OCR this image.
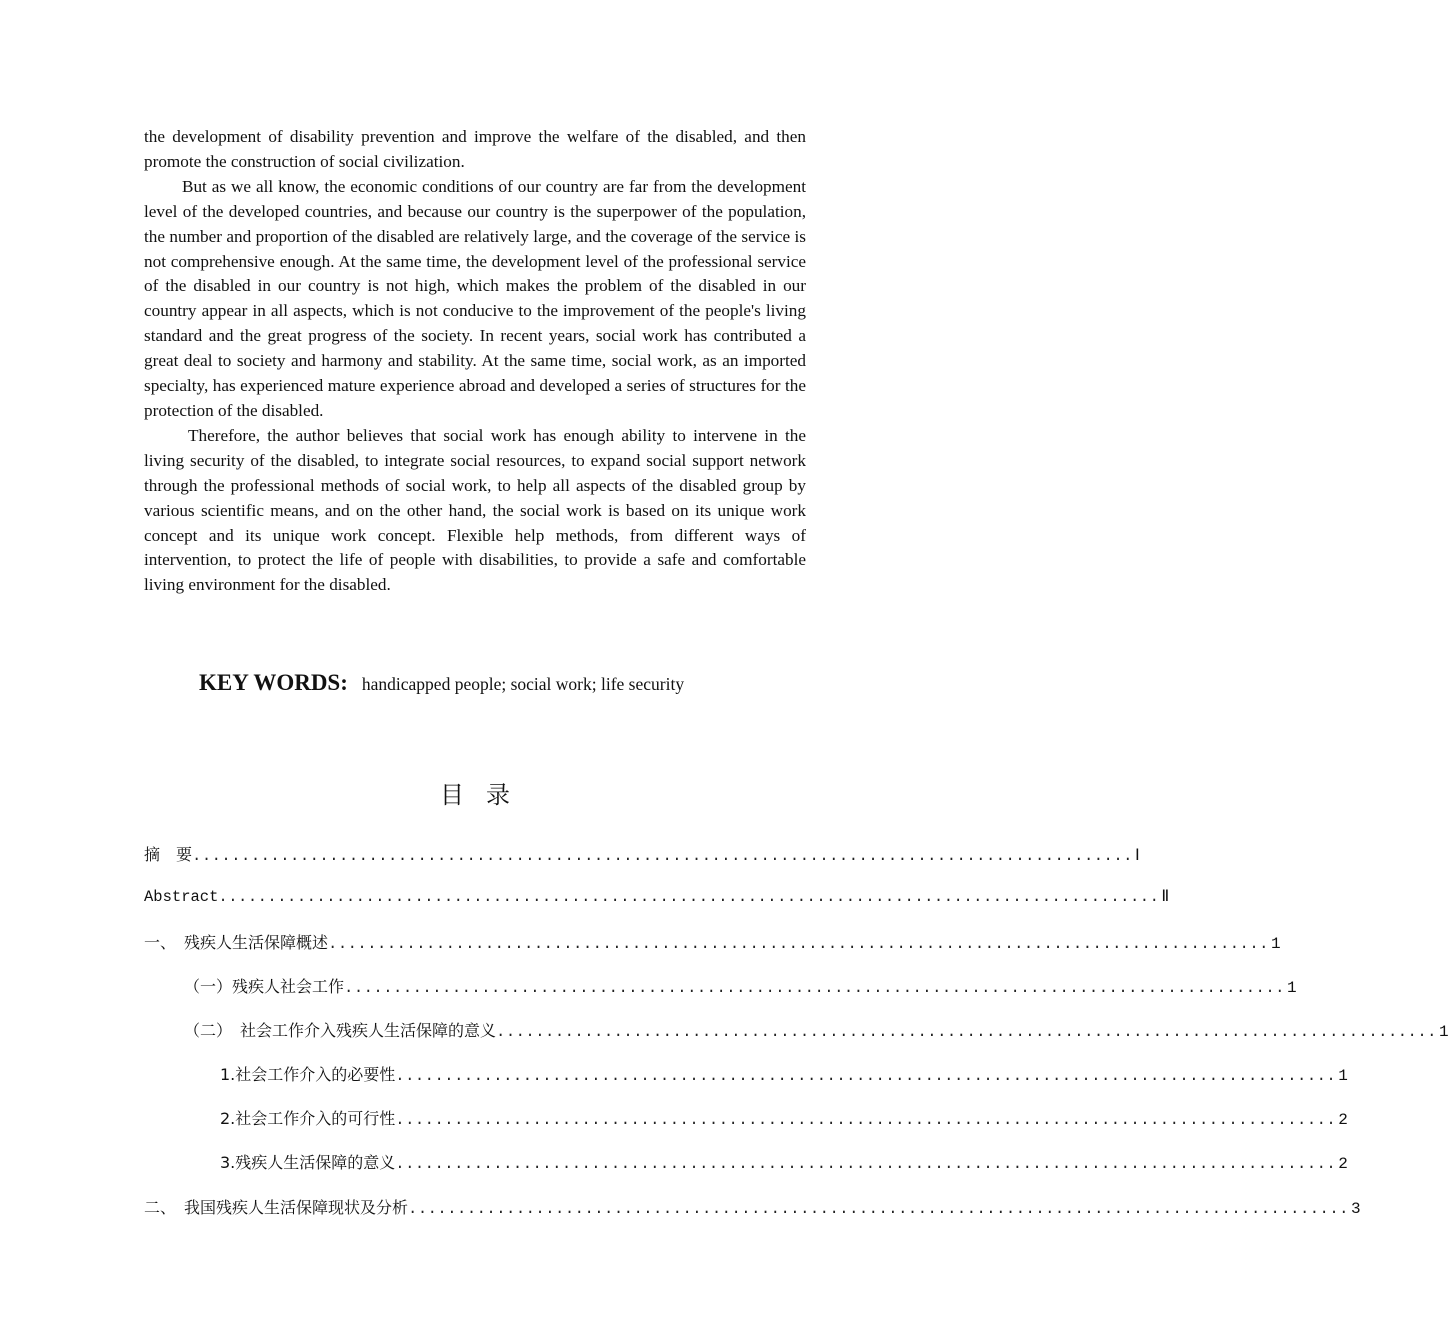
the development of disability prevention and improve the welfare of the disabled, and then promote the construction of social civilization.

But as we all know, the economic conditions of our country are far from the development level of the developed countries, and because our country is the superpower of the population, the number and proportion of the disabled are relatively large, and the coverage of the service is not comprehensive enough. At the same time, the development level of the professional service of the disabled in our country is not high, which makes the problem of the disabled in our country appear in all aspects, which is not conducive to the improvement of the people's living standard and the great progress of the society. In recent years, social work has contributed a great deal to society and harmony and stability. At the same time, social work, as an imported specialty, has experienced mature experience abroad and developed a series of structures for the protection of the disabled.

Therefore, the author believes that social work has enough ability to intervene in the living security of the disabled, to integrate social resources, to expand social support network through the professional methods of social work, to help all aspects of the disabled group by various scientific means, and on the other hand, the social work is based on its unique work concept and its unique work concept. Flexible help methods, from different ways of intervention, to protect the life of people with disabilities, to provide a safe and comfortable living environment for the disabled.

KEY WORDS: handicapped people; social work; life security
目录
摘　要 ................................................................................................ Ⅰ
Abstract ................................................................................................ Ⅱ
一、　残疾人生活保障概述 ................................................................................................ 1
（一）残疾人社会工作 ................................................................................................ 1
（二）　社会工作介入残疾人生活保障的意义 ................................................................................................ 1
1.社会工作介入的必要性 ................................................................................................ 1
2.社会工作介入的可行性 ................................................................................................ 2
3.残疾人生活保障的意义 ................................................................................................ 2
二、　我国残疾人生活保障现状及分析 ................................................................................................ 3
